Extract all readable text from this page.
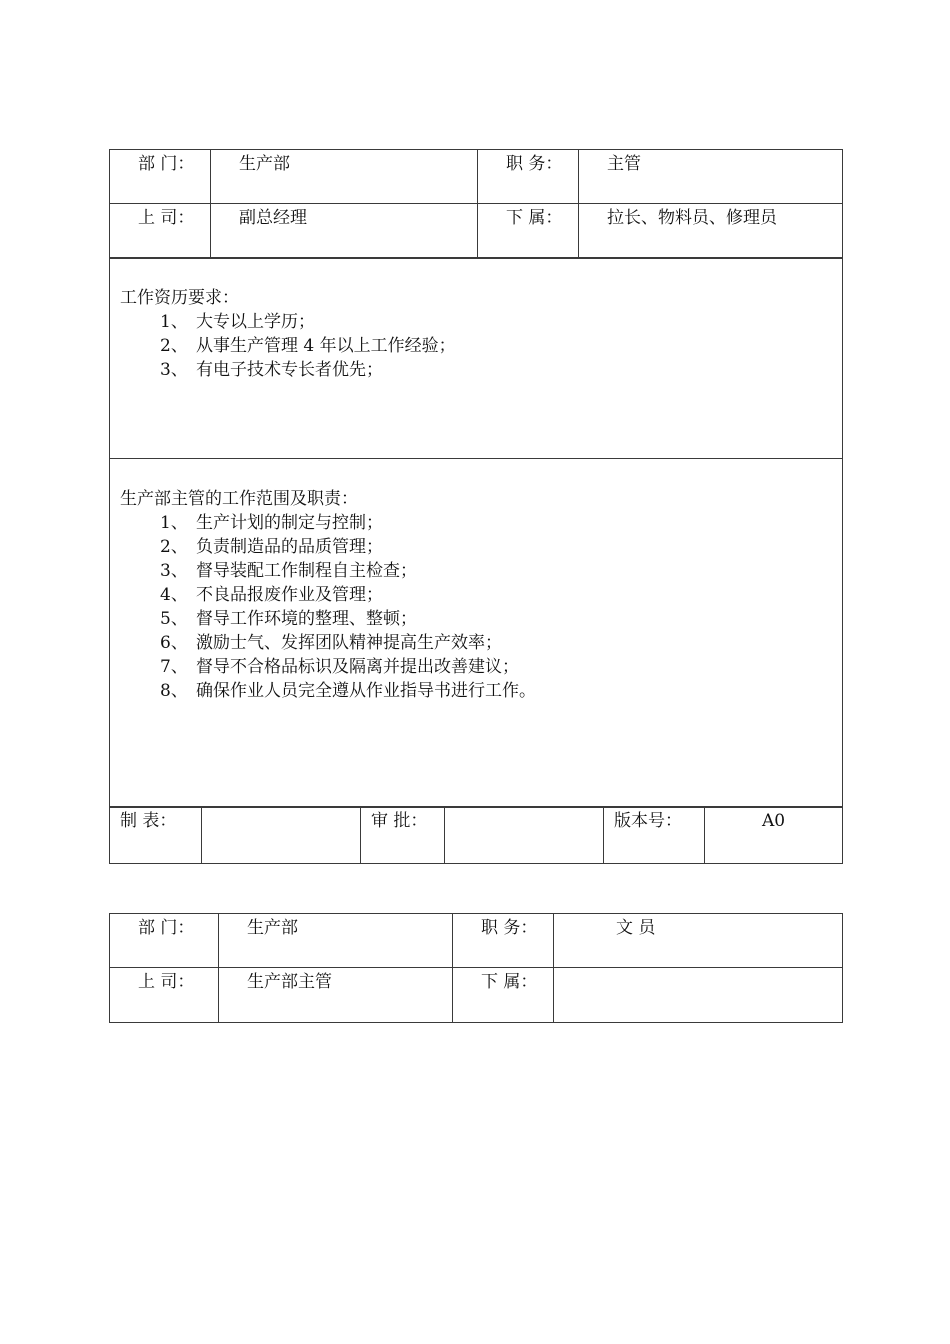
部 门：	生产部	职 务：	主管
上 司：	副总经理	下 属：	拉长、物料员、修理员
工作资历要求：
1、 大专以上学历；
2、 从事生产管理 4 年以上工作经验；
3、 有电子技术专长者优先；

生产部主管的工作范围及职责：
1、 生产计划的制定与控制；
2、 负责制造品的品质管理；
3、 督导装配工作制程自主检查；
4、 不良品报废作业及管理；
5、 督导工作环境的整理、整顿；
6、 激励士气、发挥团队精神提高生产效率；
7、 督导不合格品标识及隔离并提出改善建议；
8、 确保作业人员完全遵从作业指导书进行工作。
制 表：		审 批：		版本号：	A0
部 门：	生产部	职 务：	文 员
上 司：	生产部主管	下 属：	
